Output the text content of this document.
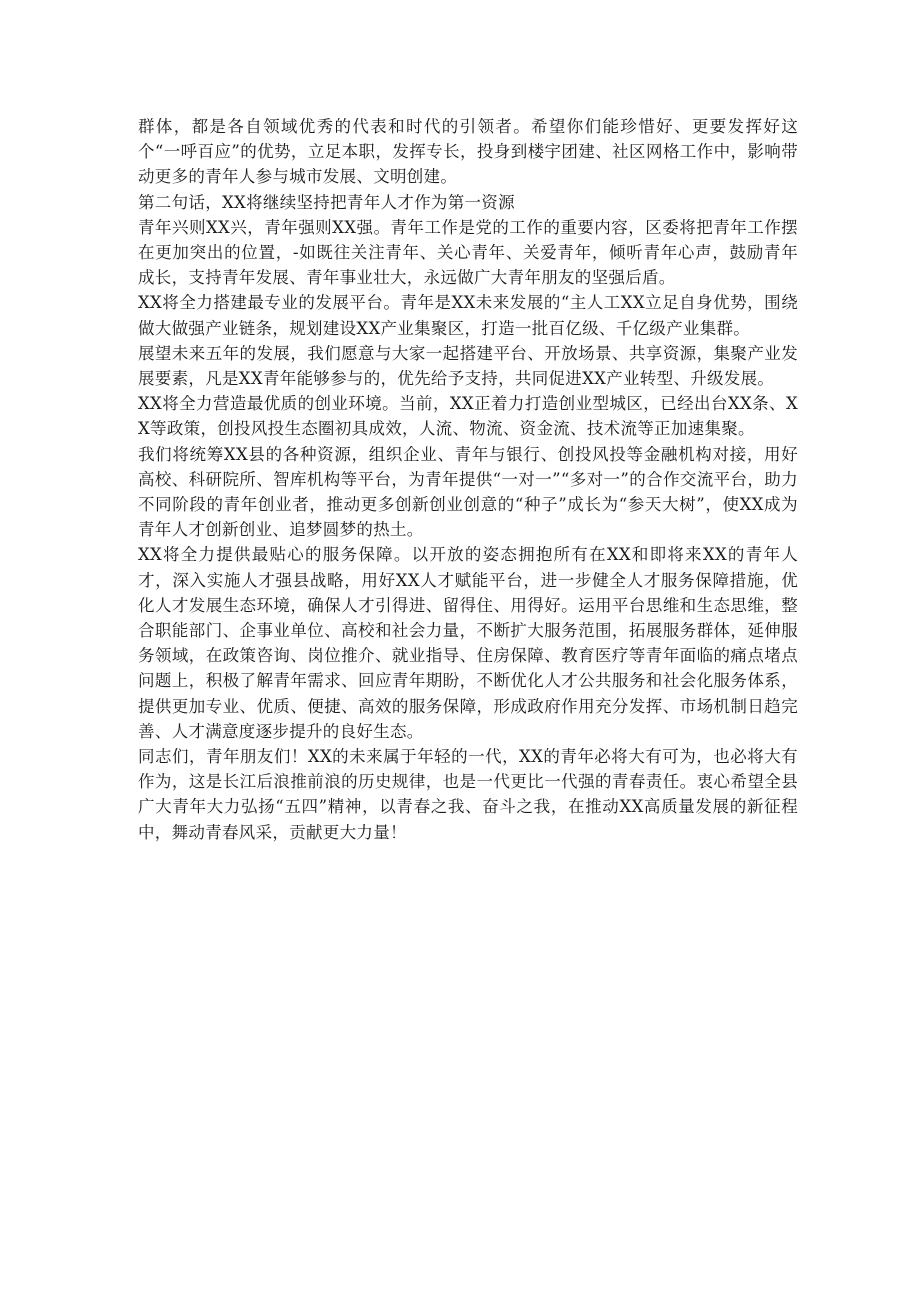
群体，都是各自领域优秀的代表和时代的引领者。希望你们能珍惜好、更要发挥好这个“一呼百应”的优势，立足本职，发挥专长，投身到楼宇团建、社区网格工作中，影响带动更多的青年人参与城市发展、文明创建。

第二句话，XX将继续坚持把青年人才作为第一资源

青年兴则XX兴，青年强则XX强。青年工作是党的工作的重要内容，区委将把青年工作摆在更加突出的位置，-如既往关注青年、关心青年、关爱青年，倾听青年心声，鼓励青年成长，支持青年发展、青年事业壮大，永远做广大青年朋友的坚强后盾。

XX将全力搭建最专业的发展平台。青年是XX未来发展的“主人工XX立足自身优势，围绕做大做强产业链条，规划建设XX产业集聚区，打造一批百亿级、千亿级产业集群。

展望未来五年的发展，我们愿意与大家一起搭建平台、开放场景、共享资源，集聚产业发展要素，凡是XX青年能够参与的，优先给予支持，共同促进XX产业转型、升级发展。

XX将全力营造最优质的创业环境。当前，XX正着力打造创业型城区，已经出台XX条、XX等政策，创投风投生态圈初具成效，人流、物流、资金流、技术流等正加速集聚。

我们将统筹XX县的各种资源，组织企业、青年与银行、创投风投等金融机构对接，用好高校、科研院所、智库机构等平台，为青年提供“一对一”“多对一”的合作交流平台，助力不同阶段的青年创业者，推动更多创新创业创意的“种子”成长为“参天大树”，使XX成为青年人才创新创业、追梦圆梦的热土。

XX将全力提供最贴心的服务保障。以开放的姿态拥抱所有在XX和即将来XX的青年人才，深入实施人才强县战略，用好XX人才赋能平台，进一步健全人才服务保障措施，优化人才发展生态环境，确保人才引得进、留得住、用得好。运用平台思维和生态思维，整合职能部门、企事业单位、高校和社会力量，不断扩大服务范围，拓展服务群体，延伸服务领域，在政策咨询、岗位推介、就业指导、住房保障、教育医疗等青年面临的痛点堵点问题上，积极了解青年需求、回应青年期盼，不断优化人才公共服务和社会化服务体系，提供更加专业、优质、便捷、高效的服务保障，形成政府作用充分发挥、市场机制日趋完善、人才满意度逐步提升的良好生态。

同志们，青年朋友们！XX的未来属于年轻的一代，XX的青年必将大有可为，也必将大有作为，这是长江后浪推前浪的历史规律，也是一代更比一代强的青春责任。衷心希望全县广大青年大力弘扬“五四”精神，以青春之我、奋斗之我，在推动XX高质量发展的新征程中，舞动青春风采，贡献更大力量！
